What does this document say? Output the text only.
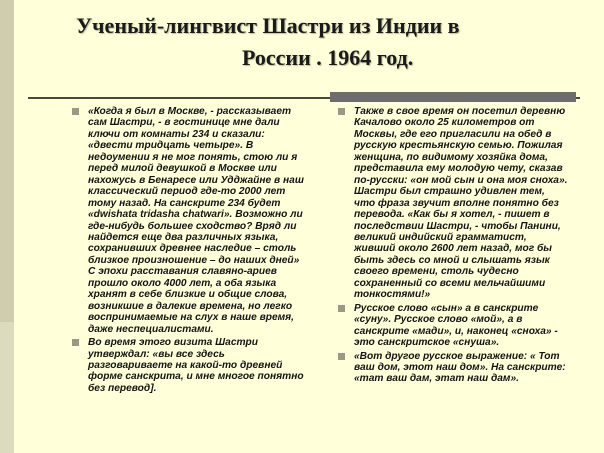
Ученый-лингвист Шастри из Индии в
России . 1964 год.
«Когда я был в Москве, - рассказывает сам Шастри, - в гостинице мне дали ключи от комнаты 234 и сказали: «двести тридцать четыре». В недоумении я не мог понять, стою ли я перед милой девушкой в Москве или нахожусь в Бенаресе или Удджайне в наш классический период где-то 2000 лет тому назад. На санскрите 234 будет «dwishata tridasha chatwari». Возможно ли где-нибудь большее сходство? Вряд ли найдется еще два различных языка, сохранивших древнее наследие – столь близкое произношение – до наших дней» С эпохи расставания славяно-ариев прошло около 4000 лет, а оба языка хранят в себе близкие и общие слова, возникшие в далекие времена, но легко воспринимаемые на слух в наше время, даже неспециалистами.
Во время этого визита Шастри утверждал: «вы все здесь разговариваете на какой-то древней форме санскрита, и мне многое понятно без перевод].
Также в свое время он посетил деревню Качалово около 25 километров от Москвы, где его пригласили на обед в русскую крестьянскую семью. Пожилая женщина, по видимому хозяйка дома, представила ему молодую чету, сказав по-русски: «он мой сын и она моя сноха». Шастри был страшно удивлен тем, что фраза звучит вполне понятно без перевода. «Как бы я хотел, - пишет в последствии Шастри, - чтобы Панини, великий индийский грамматист, живший около 2600 лет назад, мог бы быть здесь со мной и слышать язык своего времени, столь чудесно сохраненный со всеми мельчайшими тонкостями!»
Русское слово «сын» а в санскрите «суну». Русское слово «мой», а в санскрите «мади», и, наконец «сноха» - это санскритское «снуша».
«Вот другое русское выражение: « Тот ваш дом, этот наш дом». На санскрите: «тат ваш дам, этат наш дам».
